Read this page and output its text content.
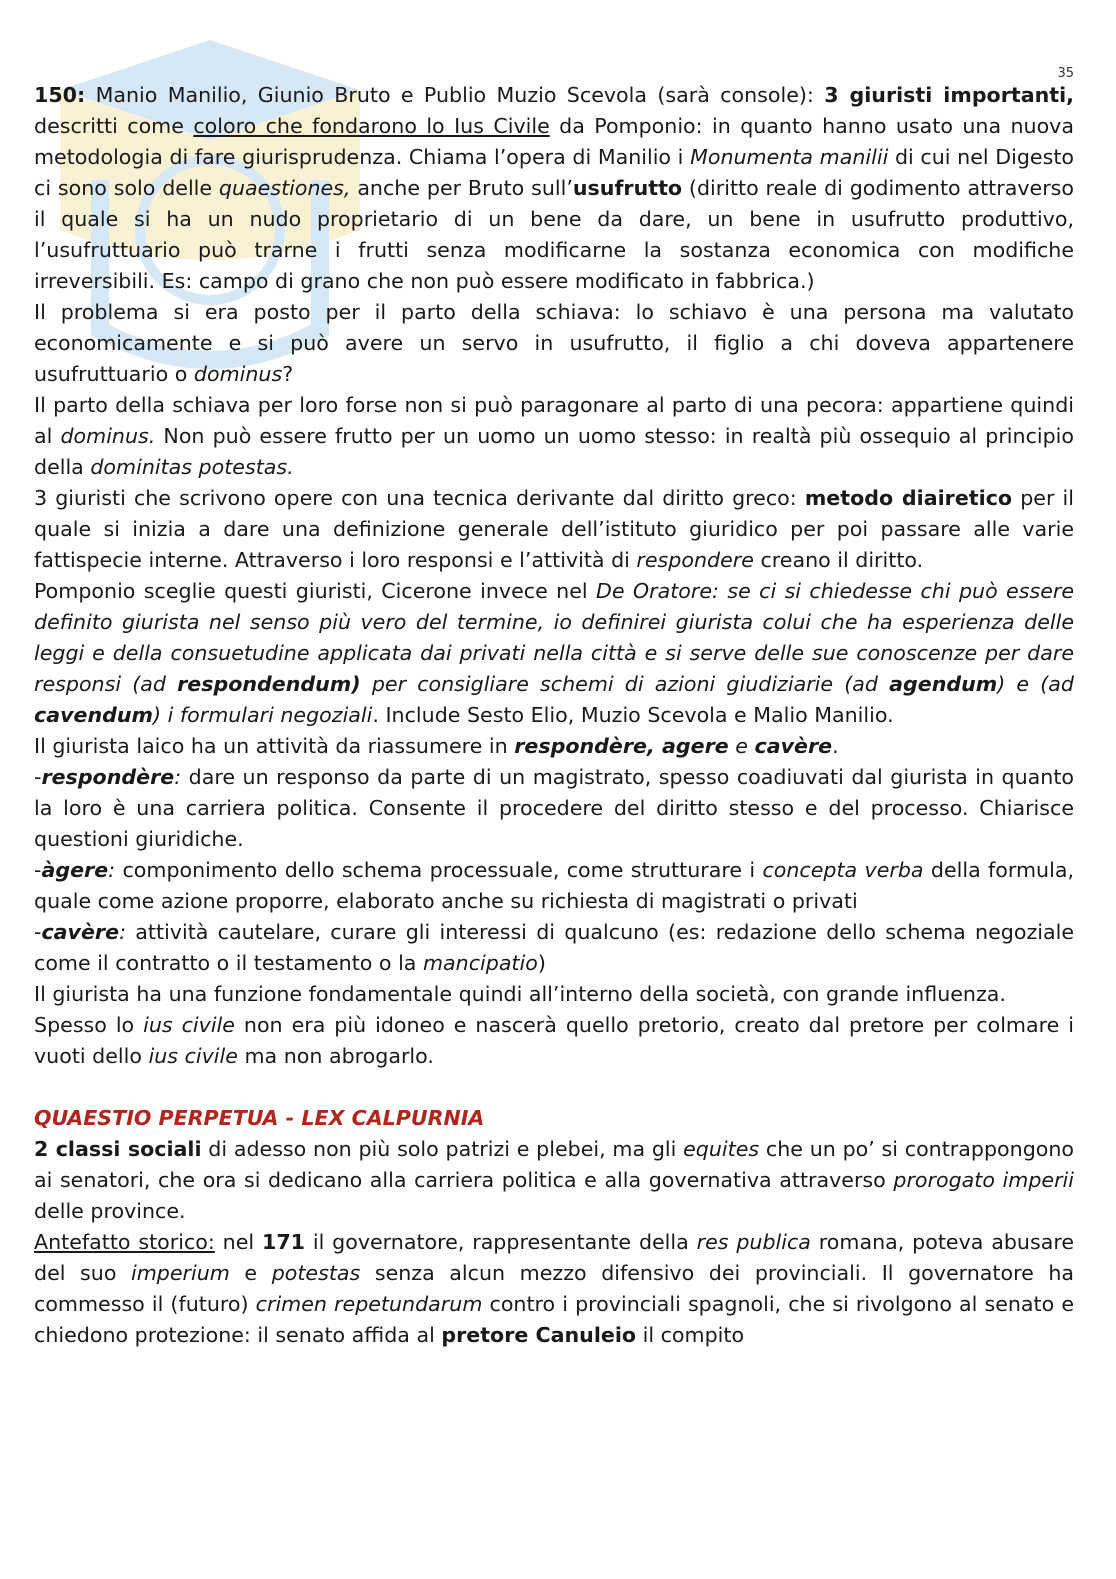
35

150: Manio Manilio, Giunio Bruto e Publio Muzio Scevola (sarà console): 3 giuristi importanti, descritti come coloro che fondarono lo Ius Civile da Pomponio: in quanto hanno usato una nuova metodologia di fare giurisprudenza. Chiama l’opera di Manilio i Monumenta manilii di cui nel Digesto ci sono solo delle quaestiones, anche per Bruto sull’usufrutto (diritto reale di godimento attraverso il quale si ha un nudo proprietario di un bene da dare, un bene in usufrutto produttivo, l’usufruttuario può trarne i frutti senza modificarne la sostanza economica con modifiche irreversibili. Es: campo di grano che non può essere modificato in fabbrica.)

Il problema si era posto per il parto della schiava: lo schiavo è una persona ma valutato economicamente e si può avere un servo in usufrutto, il figlio a chi doveva appartenere usufruttuario o dominus?

Il parto della schiava per loro forse non si può paragonare al parto di una pecora: appartiene quindi al dominus. Non può essere frutto per un uomo un uomo stesso: in realtà più ossequio al principio della dominitas potestas.

3 giuristi che scrivono opere con una tecnica derivante dal diritto greco: metodo diairetico per il quale si inizia a dare una definizione generale dell’istituto giuridico per poi passare alle varie fattispecie interne. Attraverso i loro responsi e l’attività di respondere creano il diritto.

Pomponio sceglie questi giuristi, Cicerone invece nel De Oratore: se ci si chiedesse chi può essere definito giurista nel senso più vero del termine, io definirei giurista colui che ha esperienza delle leggi e della consuetudine applicata dai privati nella città e si serve delle sue conoscenze per dare responsi (ad respondendum) per consigliare schemi di azioni giudiziarie (ad agendum) e (ad cavendum) i formulari negoziali. Include Sesto Elio, Muzio Scevola e Malio Manilio.

Il giurista laico ha un attività da riassumere in respondère, agere e cavère.

-respondère: dare un responso da parte di un magistrato, spesso coadiuvati dal giurista in quanto la loro è una carriera politica. Consente il procedere del diritto stesso e del processo. Chiarisce questioni giuridiche.

-àgere: componimento dello schema processuale, come strutturare i concepta verba della formula, quale come azione proporre, elaborato anche su richiesta di magistrati o privati

-cavère: attività cautelare, curare gli interessi di qualcuno (es: redazione dello schema negoziale come il contratto o il testamento o la mancipatio)

Il giurista ha una funzione fondamentale quindi all’interno della società, con grande influenza.

Spesso lo ius civile non era più idoneo e nascerà quello pretorio, creato dal pretore per colmare i vuoti dello ius civile ma non abrogarlo.

QUAESTIO PERPETUA - LEX CALPURNIA

2 classi sociali di adesso non più solo patrizi e plebei, ma gli equites che un po’ si contrappongono ai senatori, che ora si dedicano alla carriera politica e alla governativa attraverso prorogato imperii delle province.

Antefatto storico: nel 171 il governatore, rappresentante della res publica romana, poteva abusare del suo imperium e potestas senza alcun mezzo difensivo dei provinciali. Il governatore ha commesso il (futuro) crimen repetundarum contro i provinciali spagnoli, che si rivolgono al senato e chiedono protezione: il senato affida al pretore Canuleio il compito
